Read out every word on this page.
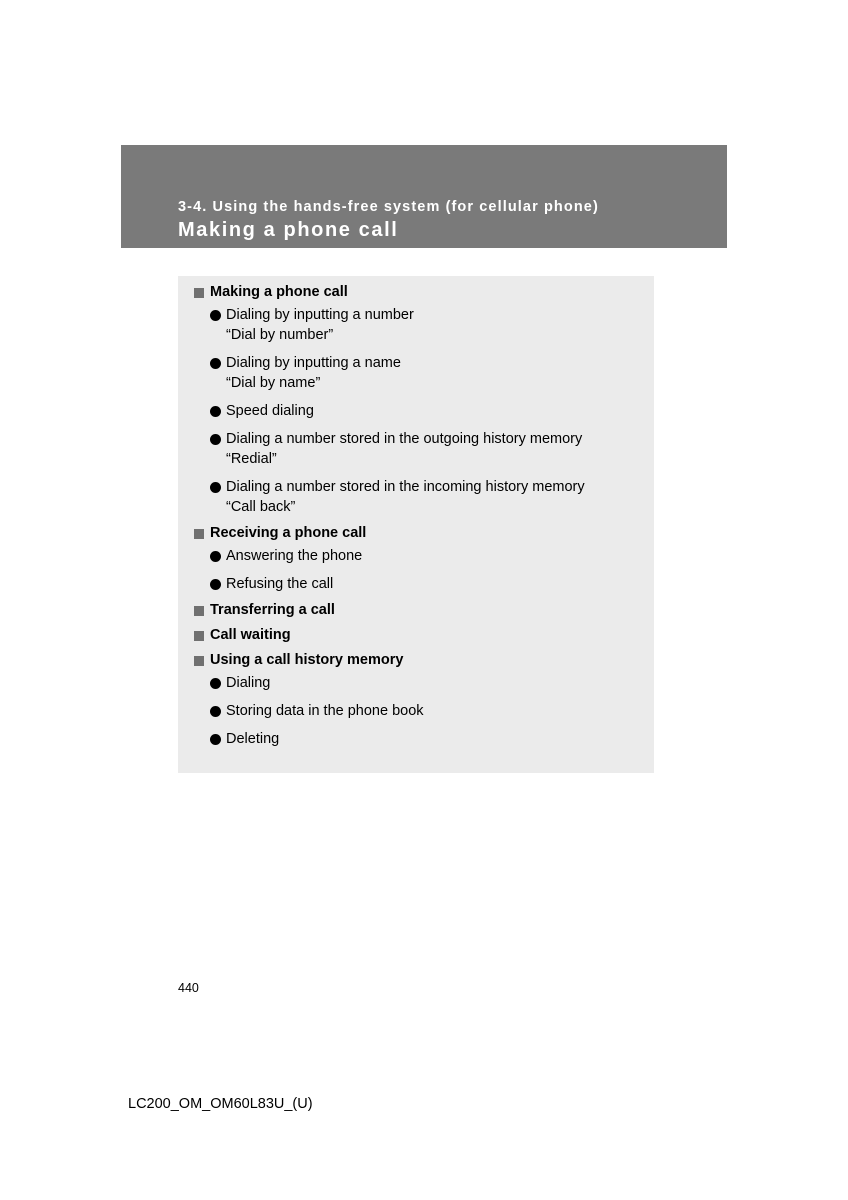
3-4. Using the hands-free system (for cellular phone)
Making a phone call
Making a phone call
Dialing by inputting a number
“Dial by number”
Dialing by inputting a name
“Dial by name”
Speed dialing
Dialing a number stored in the outgoing history memory
“Redial”
Dialing a number stored in the incoming history memory
“Call back”
Receiving a phone call
Answering the phone
Refusing the call
Transferring a call
Call waiting
Using a call history memory
Dialing
Storing data in the phone book
Deleting
440
LC200_OM_OM60L83U_(U)
